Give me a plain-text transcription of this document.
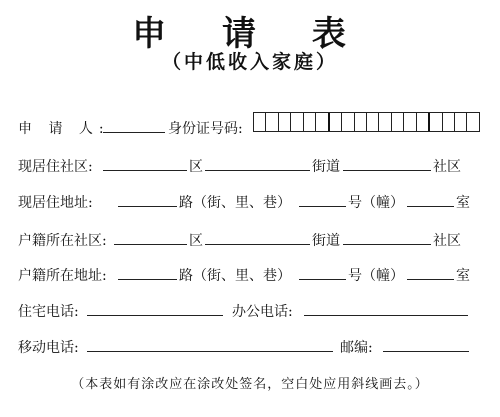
申 请 表
（中低收入家庭）
申 请 人:	身份证号码:
现居住社区:	区	街道	社区
现居住地址:	路（街、里、巷）	号（幢）	室
户籍所在社区:	区	街道	社区
户籍所在地址:	路（街、里、巷）	号（幢）	室
住宅电话:	办公电话:
移动电话:	邮编:
（本表如有涂改应在涂改处签名，空白处应用斜线画去。）
